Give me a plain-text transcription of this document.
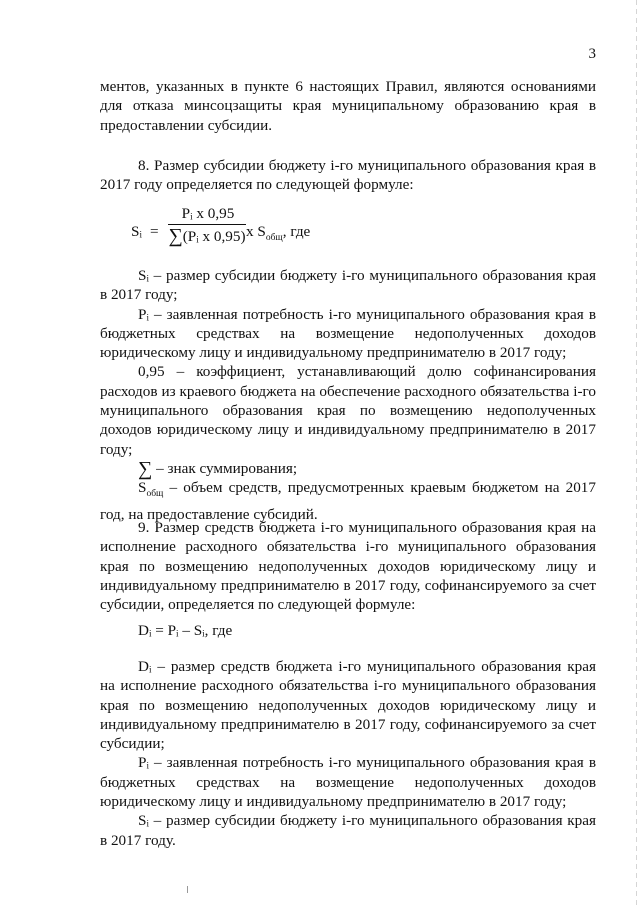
3

ментов, указанных в пункте 6 настоящих Правил, являются основаниями для отказа минсоцзащиты края муниципальному образованию края в предоставлении субсидии.

8. Размер субсидии бюджету i-го муниципального образования края в 2017 году определяется по следующей формуле:

Sᵢ = $\frac{\text{Pᵢ x 0,95}}{\text{∑(Pᵢ x 0,95)}}$ x $S_{общ}$, где

Sᵢ – размер субсидии бюджету i-го муниципального образования края в 2017 году;

Pᵢ – заявленная потребность i-го муниципального образования края в бюджетных средствах на возмещение недополученных доходов юридическому лицу и индивидуальному предпринимателю в 2017 году;

0,95 – коэффициент, устанавливающий долю софинансирования расходов из краевого бюджета на обеспечение расходного обязательства i-го муниципального образования края по возмещению недополученных доходов юридическому лицу и индивидуальному предпринимателю в 2017 году;

∑ – знак суммирования;

$S_{общ}$ – объем средств, предусмотренных краевым бюджетом на 2017 год, на предоставление субсидий.

9. Размер средств бюджета i-го муниципального образования края на исполнение расходного обязательства i-го муниципального образования края по возмещению недополученных доходов юридическому лицу и индивидуальному предпринимателю в 2017 году, софинансируемого за счет субсидии, определяется по следующей формуле:

Dᵢ = Pᵢ – Sᵢ, где

Dᵢ – размер средств бюджета i-го муниципального образования края на исполнение расходного обязательства i-го муниципального образования края по возмещению недополученных доходов юридическому лицу и индивидуальному предпринимателю в 2017 году, софинансируемого за счет субсидии;

Pᵢ – заявленная потребность i-го муниципального образования края в бюджетных средствах на возмещение недополученных доходов юридическому лицу и индивидуальному предпринимателю в 2017 году;

Sᵢ – размер субсидии бюджету i-го муниципального образования края в 2017 году.
